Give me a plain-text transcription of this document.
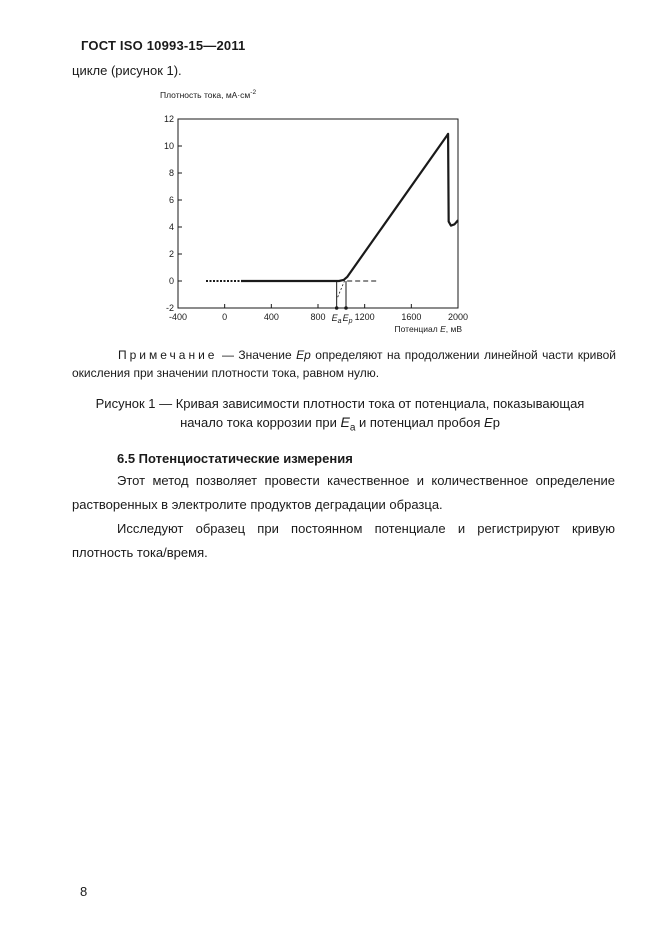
ГОСТ ISO 10993-15—2011
цикле (рисунок 1).
Плотность тока, $мА\cdot см^{-2}$
-2
0
2
4
6
8
10
12
-400	0	400	800	1200	1600	2000
$E_a$ $E_p$
Потенциал E, мВ
Примечание — Значение Ep определяют на продолжении линейной части кривой окисления при значении плотности тока, равном нулю.
Рисунок 1 — Кривая зависимости плотности тока от потенциала, показывающая
начало тока коррозии при $E_a$ и потенциал пробоя Ep
6.5 Потенциостатические измерения
Этот метод позволяет провести качественное и количественное определение растворенных в электролите продуктов деградации образца.
Исследуют образец при постоянном потенциале и регистрируют кривую плотность тока/время.
8
